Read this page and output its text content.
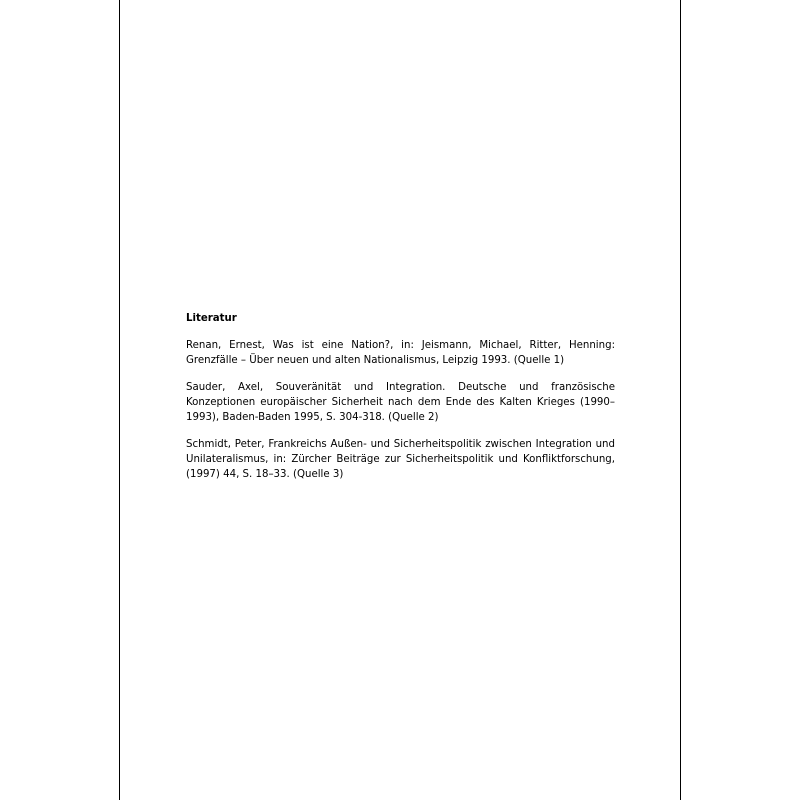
Literatur
Renan, Ernest, Was ist eine Nation?, in: Jeismann, Michael, Ritter, Henning: Grenzfälle – Über neuen und alten Nationalismus, Leipzig 1993. (Quelle 1)
Sauder, Axel, Souveränität und Integration. Deutsche und französische Konzeptionen europäischer Sicherheit nach dem Ende des Kalten Krieges (1990–1993), Baden-Baden 1995, S. 304-318. (Quelle 2)
Schmidt, Peter, Frankreichs Außen- und Sicherheitspolitik zwischen Integration und Unilateralismus, in: Zürcher Beiträge zur Sicherheitspolitik und Konfliktforschung, (1997) 44, S. 18–33. (Quelle 3)
